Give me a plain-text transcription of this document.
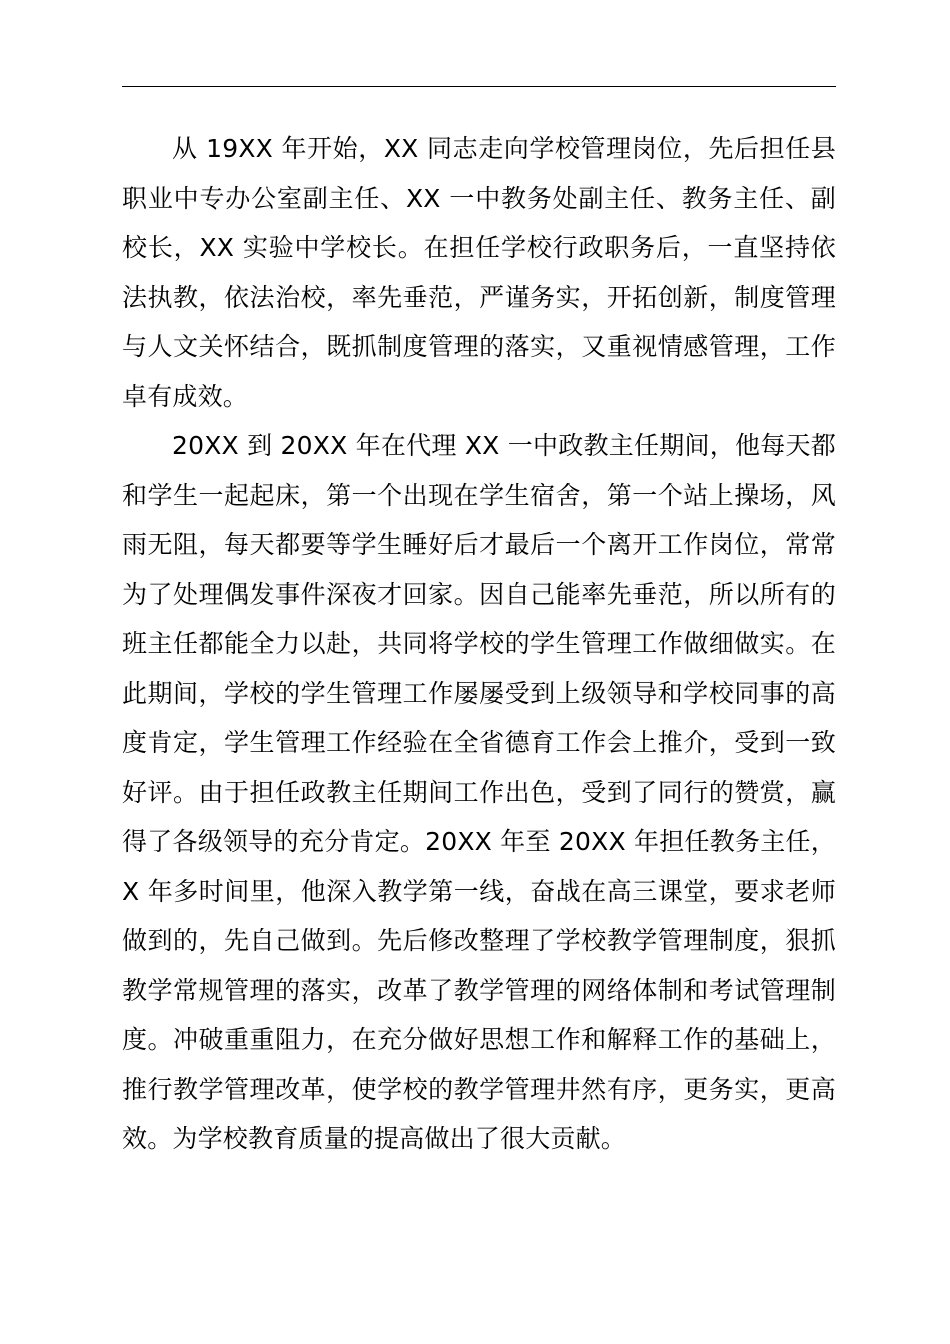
从 19XX 年开始，XX 同志走向学校管理岗位，先后担任县职业中专办公室副主任、XX 一中教务处副主任、教务主任、副校长，XX 实验中学校长。在担任学校行政职务后，一直坚持依法执教，依法治校，率先垂范，严谨务实，开拓创新，制度管理与人文关怀结合，既抓制度管理的落实，又重视情感管理，工作卓有成效。

20XX 到 20XX 年在代理 XX 一中政教主任期间，他每天都和学生一起起床，第一个出现在学生宿舍，第一个站上操场，风雨无阻，每天都要等学生睡好后才最后一个离开工作岗位，常常为了处理偶发事件深夜才回家。因自己能率先垂范，所以所有的班主任都能全力以赴，共同将学校的学生管理工作做细做实。在此期间，学校的学生管理工作屡屡受到上级领导和学校同事的高度肯定，学生管理工作经验在全省德育工作会上推介，受到一致好评。由于担任政教主任期间工作出色，受到了同行的赞赏，赢得了各级领导的充分肯定。20XX 年至 20XX 年担任教务主任，X 年多时间里，他深入教学第一线，奋战在高三课堂，要求老师做到的，先自己做到。先后修改整理了学校教学管理制度，狠抓教学常规管理的落实，改革了教学管理的网络体制和考试管理制度。冲破重重阻力，在充分做好思想工作和解释工作的基础上，推行教学管理改革，使学校的教学管理井然有序，更务实，更高效。为学校教育质量的提高做出了很大贡献。
